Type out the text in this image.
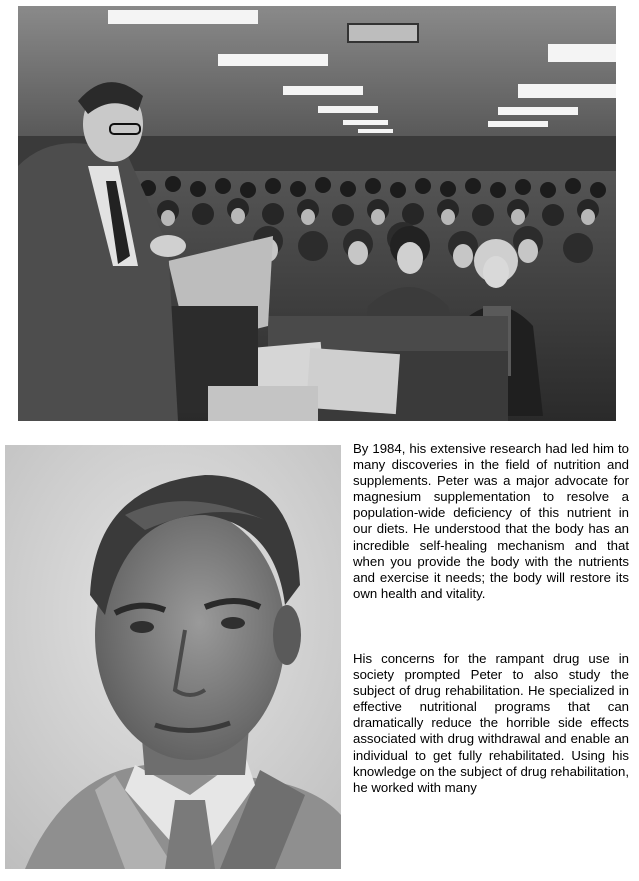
By 1984, his extensive research had led him to many discoveries in the field of nutrition and supplements. Peter was a major advocate for magnesium supplementation to resolve a population-wide deficiency of this nutrient in our diets. He understood that the body has an incredible self-healing mechanism and that when you provide the body with the nutrients and exercise it needs; the body will restore its own health and vitality.

His concerns for the rampant drug use in society prompted Peter to also study the subject of drug rehabilitation. He specialized in effective nutritional programs that can dramatically reduce the horrible side effects associated with drug withdrawal and enable an individual to get fully rehabilitated. Using his knowledge on the subject of drug rehabilitation, he worked with many
